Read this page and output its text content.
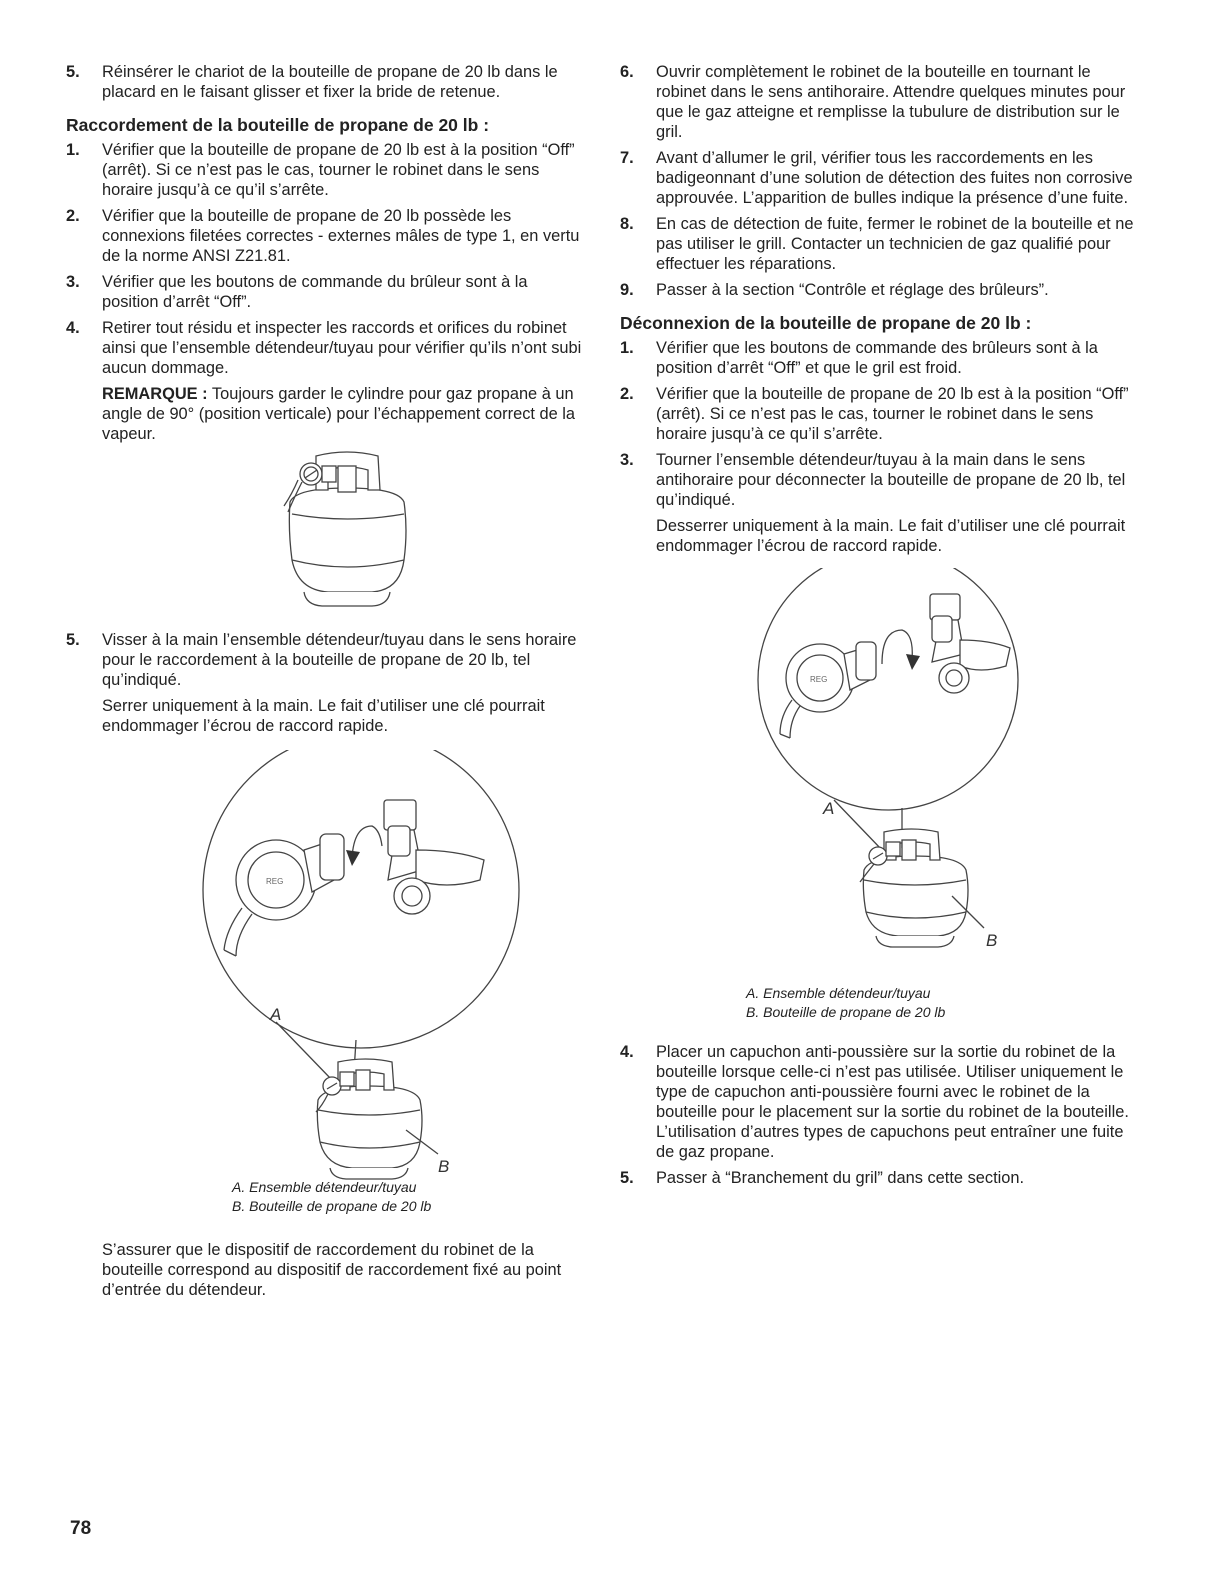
5.	Réinsérer le chariot de la bouteille de propane de 20 lb dans le placard en le faisant glisser et fixer la bride de retenue.
Raccordement de la bouteille de propane de 20 lb :
1.	Vérifier que la bouteille de propane de 20 lb est à la position “Off” (arrêt). Si ce n’est pas le cas, tourner le robinet dans le sens horaire jusqu’à ce qu’il s’arrête.
2.	Vérifier que la bouteille de propane de 20 lb possède les connexions filetées correctes - externes mâles de type 1, en vertu de la norme ANSI Z21.81.
3.	Vérifier que les boutons de commande du brûleur sont à la position d’arrêt “Off”.
4.	Retirer tout résidu et inspecter les raccords et orifices du robinet ainsi que l’ensemble détendeur/tuyau pour vérifier qu’ils n’ont subi aucun dommage.

REMARQUE : Toujours garder le cylindre pour gaz propane à un angle de 90° (position verticale) pour l’échappement correct de la vapeur.

5.	Visser à la main l’ensemble détendeur/tuyau dans le sens horaire pour le raccordement à la bouteille de propane de 20 lb, tel qu’indiqué.

Serrer uniquement à la main. Le fait d’utiliser une clé pourrait endommager l’écrou de raccord rapide.

REG
A
B
A. Ensemble détendeur/tuyau
B. Bouteille de propane de 20 lb

S’assurer que le dispositif de raccordement du robinet de la bouteille correspond au dispositif de raccordement fixé au point d’entrée du détendeur.

6.	Ouvrir complètement le robinet de la bouteille en tournant le robinet dans le sens antihoraire. Attendre quelques minutes pour que le gaz atteigne et remplisse la tubulure de distribution sur le gril.
7.	Avant d’allumer le gril, vérifier tous les raccordements en les badigeonnant d’une solution de détection des fuites non corrosive approuvée. L’apparition de bulles indique la présence d’une fuite.
8.	En cas de détection de fuite, fermer le robinet de la bouteille et ne pas utiliser le grill. Contacter un technicien de gaz qualifié pour effectuer les réparations.
9.	Passer à la section “Contrôle et réglage des brûleurs”.
Déconnexion de la bouteille de propane de 20 lb :
1.	Vérifier que les boutons de commande des brûleurs sont à la position d’arrêt “Off” et que le gril est froid.
2.	Vérifier que la bouteille de propane de 20 lb est à la position “Off” (arrêt). Si ce n’est pas le cas, tourner le robinet dans le sens horaire jusqu’à ce qu’il s’arrête.
3.	Tourner l’ensemble détendeur/tuyau à la main dans le sens antihoraire pour déconnecter la bouteille de propane de 20 lb, tel qu’indiqué.

Desserrer uniquement à la main. Le fait d’utiliser une clé pourrait endommager l’écrou de raccord rapide.

REG
A
B
A. Ensemble détendeur/tuyau
B. Bouteille de propane de 20 lb
4.	Placer un capuchon anti-poussière sur la sortie du robinet de la bouteille lorsque celle-ci n’est pas utilisée. Utiliser uniquement le type de capuchon anti-poussière fourni avec le robinet de la bouteille pour le placement sur la sortie du robinet de la bouteille. L’utilisation d’autres types de capuchons peut entraîner une fuite de gaz propane.
5.	Passer à “Branchement du gril” dans cette section.
78
